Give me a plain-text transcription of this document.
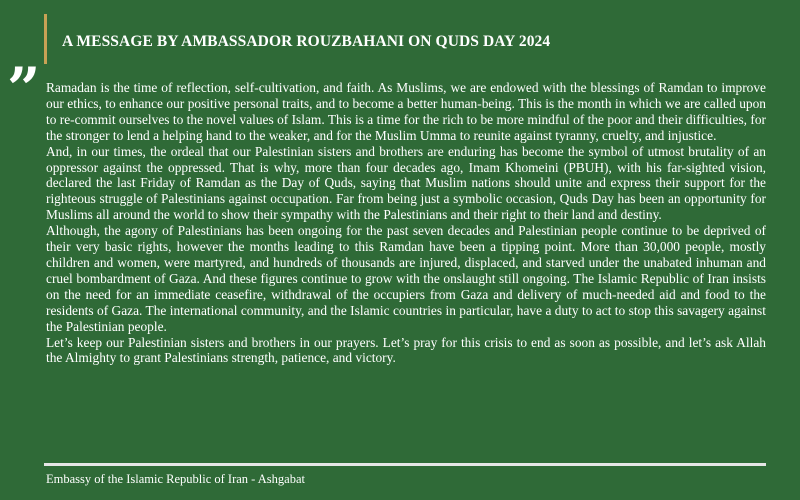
A MESSAGE BY AMBASSADOR ROUZBAHANI ON QUDS DAY 2024
” Ramadan is the time of reflection, self-cultivation, and faith. As Muslims, we are endowed with the blessings of Ramdan to improve our ethics, to enhance our positive personal traits, and to become a better human-being. This is the month in which we are called upon to re-commit ourselves to the novel values of Islam. This is a time for the rich to be more mindful of the poor and their difficulties, for the stronger to lend a helping hand to the weaker, and for the Muslim Umma to reunite against tyranny, cruelty, and injustice.

And, in our times, the ordeal that our Palestinian sisters and brothers are enduring has become the symbol of utmost brutality of an oppressor against the oppressed. That is why, more than four decades ago, Imam Khomeini (PBUH), with his far-sighted vision, declared the last Friday of Ramdan as the Day of Quds, saying that Muslim nations should unite and express their support for the righteous struggle of Palestinians against occupation. Far from being just a symbolic occasion, Quds Day has been an opportunity for Muslims all around the world to show their sympathy with the Palestinians and their right to their land and destiny.

Although, the agony of Palestinians has been ongoing for the past seven decades and Palestinian people continue to be deprived of their very basic rights, however the months leading to this Ramdan have been a tipping point. More than 30,000 people, mostly children and women, were martyred, and hundreds of thousands are injured, displaced, and starved under the unabated inhuman and cruel bombardment of Gaza. And these figures continue to grow with the onslaught still ongoing. The Islamic Republic of Iran insists on the need for an immediate ceasefire, withdrawal of the occupiers from Gaza and delivery of much-needed aid and food to the residents of Gaza. The international community, and the Islamic countries in particular, have a duty to act to stop this savagery against the Palestinian people.

Let’s keep our Palestinian sisters and brothers in our prayers. Let’s pray for this crisis to end as soon as possible, and let’s ask Allah the Almighty to grant Palestinians strength, patience, and victory.

Embassy of the Islamic Republic of Iran - Ashgabat
